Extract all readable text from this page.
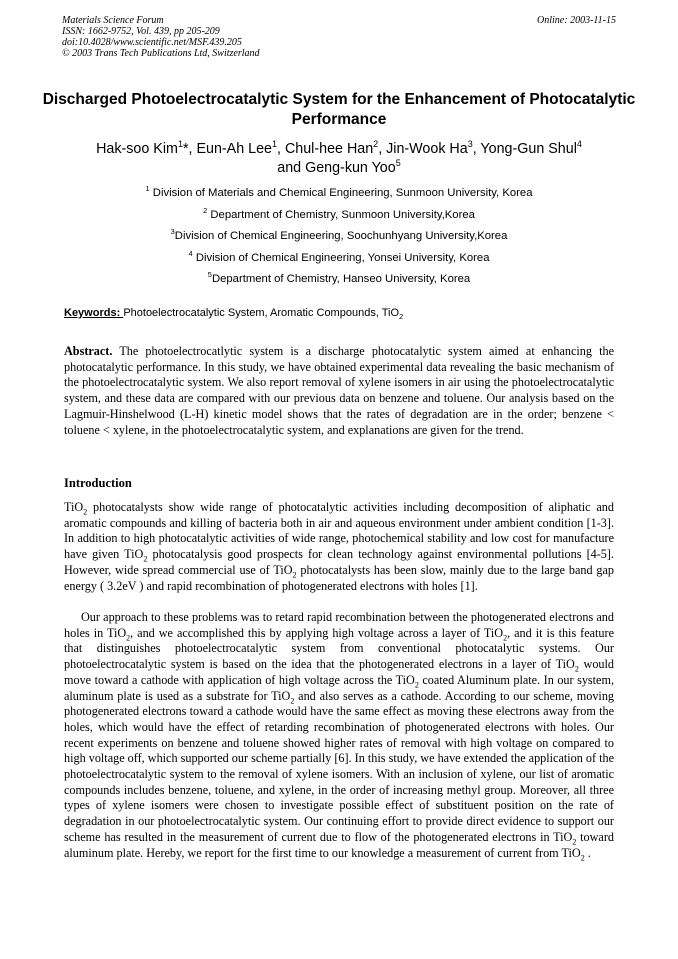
Materials Science Forum
ISSN: 1662-9752, Vol. 439, pp 205-209
doi:10.4028/www.scientific.net/MSF.439.205
© 2003 Trans Tech Publications Ltd, Switzerland
Online: 2003-11-15
Discharged Photoelectrocatalytic System for the Enhancement of Photocatalytic Performance
Hak-soo Kim$^1$*, Eun-Ah Lee$^1$, Chul-hee Han$^2$, Jin-Wook Ha$^3$, Yong-Gun Shul$^4$
and Geng-kun Yoo$^5$
$^1$ Division of Materials and Chemical Engineering, Sunmoon University, Korea
$^2$ Department of Chemistry, Sunmoon University,Korea
$^3$Division of Chemical Engineering, Soochunhyang University,Korea
$^4$ Division of Chemical Engineering, Yonsei University, Korea
$^5$Department of Chemistry, Hanseo University, Korea
Keywords: Photoelectrocatalytic System, Aromatic Compounds, TiO$_2$
Abstract. The photoelectrocatlytic system is a discharge photocatalytic system aimed at enhancing the photocatalytic performance. In this study, we have obtained experimental data revealing the basic mechanism of the photoelectrocatalytic system. We also report removal of xylene isomers in air using the photoelectrocatalytic system, and these data are compared with our previous data on benzene and toluene. Our analysis based on the Lagmuir-Hinshelwood (L-H) kinetic model shows that the rates of degradation are in the order; benzene < toluene < xylene, in the photoelectrocatalytic system, and explanations are given for the trend.
Introduction
TiO$_2$ photocatalysts show wide range of photocatalytic activities including decomposition of aliphatic and aromatic compounds and killing of bacteria both in air and aqueous environment under ambient condition [1-3]. In addition to high photocatalytic activities of wide range, photochemical stability and low cost for manufacture have given TiO$_2$ photocatalysis good prospects for clean technology against environmental pollutions [4-5]. However, wide spread commercial use of TiO$_2$ photocatalysts has been slow, mainly due to the large band gap energy ( 3.2eV ) and rapid recombination of photogenerated electrons with holes [1].
Our approach to these problems was to retard rapid recombination between the photogenerated electrons and holes in TiO$_2$, and we accomplished this by applying high voltage across a layer of TiO$_2$, and it is this feature that distinguishes photoelectrocatalytic system from conventional photocatalytic systems. Our photoelectrocatalytic system is based on the idea that the photogenerated electrons in a layer of TiO$_2$ would move toward a cathode with application of high voltage across the TiO$_2$ coated Aluminum plate. In our system, aluminum plate is used as a substrate for TiO$_2$ and also serves as a cathode. According to our scheme, moving photogenerated electrons toward a cathode would have the same effect as moving these electrons away from the holes, which would have the effect of retarding recombination of photogenerated electrons with holes. Our recent experiments on benzene and toluene showed higher rates of removal with high voltage on compared to high voltage off, which supported our scheme partially [6]. In this study, we have extended the application of the photoelectrocatalytic system to the removal of xylene isomers. With an inclusion of xylene, our list of aromatic compounds includes benzene, toluene, and xylene, in the order of increasing methyl group. Moreover, all three types of xylene isomers were chosen to investigate possible effect of substituent position on the rate of degradation in our photoelectrocatalytic system. Our continuing effort to provide direct evidence to support our scheme has resulted in the measurement of current due to flow of the photogenerated electrons in TiO$_2$ toward aluminum plate. Hereby, we report for the first time to our knowledge a measurement of current from TiO$_2$ .
